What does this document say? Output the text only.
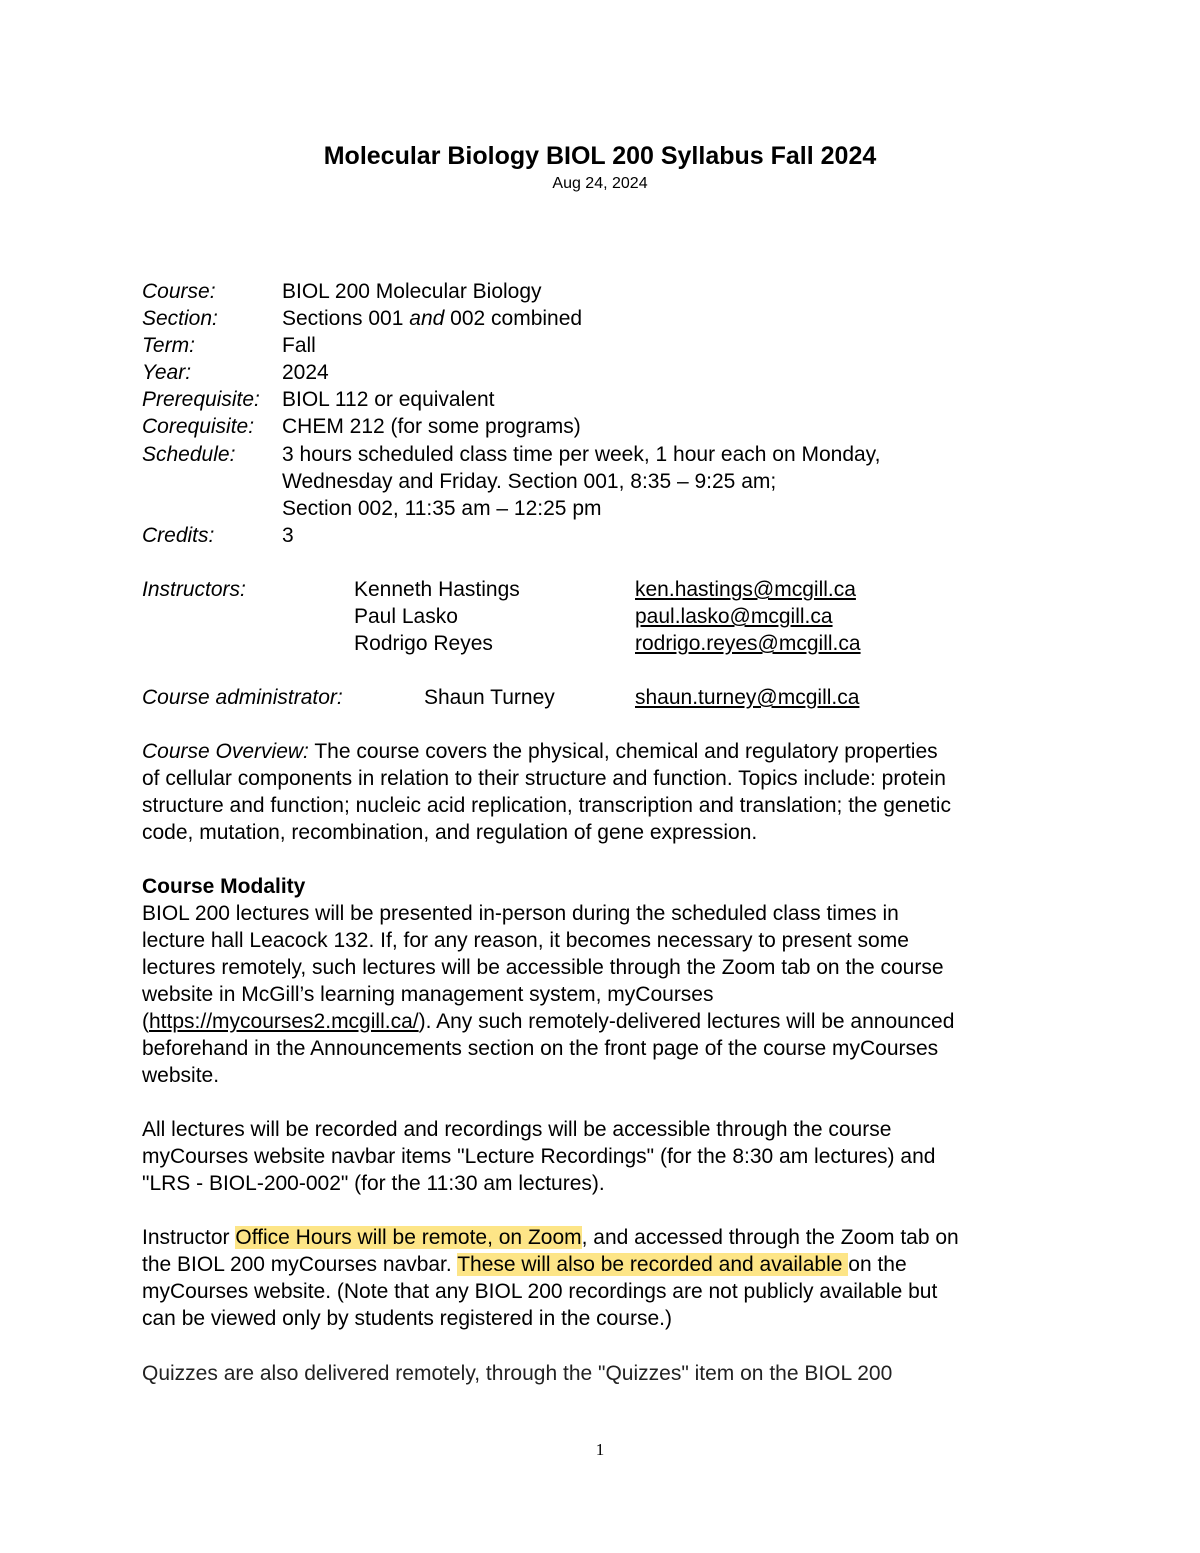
Molecular Biology BIOL 200 Syllabus Fall 2024
Aug 24, 2024
Course:	BIOL 200 Molecular Biology
Section:	Sections 001 and 002 combined
Term:	Fall
Year:	2024
Prerequisite: BIOL 112 or equivalent
Corequisite: CHEM 212 (for some programs)
Schedule: 3 hours scheduled class time per week, 1 hour each on Monday,
Wednesday and Friday. Section 001, 8:35 – 9:25 am;
Section 002, 11:35 am – 12:25 pm
Credits:	3
Instructors:	Kenneth Hastings	ken.hastings@mcgill.ca
Paul Lasko	paul.lasko@mcgill.ca
Rodrigo Reyes	rodrigo.reyes@mcgill.ca
Course administrator:	Shaun Turney	shaun.turney@mcgill.ca

Course Overview: The course covers the physical, chemical and regulatory properties

of cellular components in relation to their structure and function. Topics include: protein

structure and function; nucleic acid replication, transcription and translation; the genetic

code, mutation, recombination, and regulation of gene expression.

Course Modality

BIOL 200 lectures will be presented in-person during the scheduled class times in

lecture hall Leacock 132. If, for any reason, it becomes necessary to present some

lectures remotely, such lectures will be accessible through the Zoom tab on the course

website in McGill’s learning management system, myCourses

(https://mycourses2.mcgill.ca/). Any such remotely-delivered lectures will be announced

beforehand in the Announcements section on the front page of the course myCourses

website.

All lectures will be recorded and recordings will be accessible through the course

myCourses website navbar items "Lecture Recordings" (for the 8:30 am lectures) and

"LRS - BIOL-200-002" (for the 11:30 am lectures).

Instructor Office Hours will be remote, on Zoom, and accessed through the Zoom tab on

the BIOL 200 myCourses navbar. These will also be recorded and available on the

myCourses website. (Note that any BIOL 200 recordings are not publicly available but

can be viewed only by students registered in the course.)

Quizzes are also delivered remotely, through the "Quizzes" item on the BIOL 200

1
